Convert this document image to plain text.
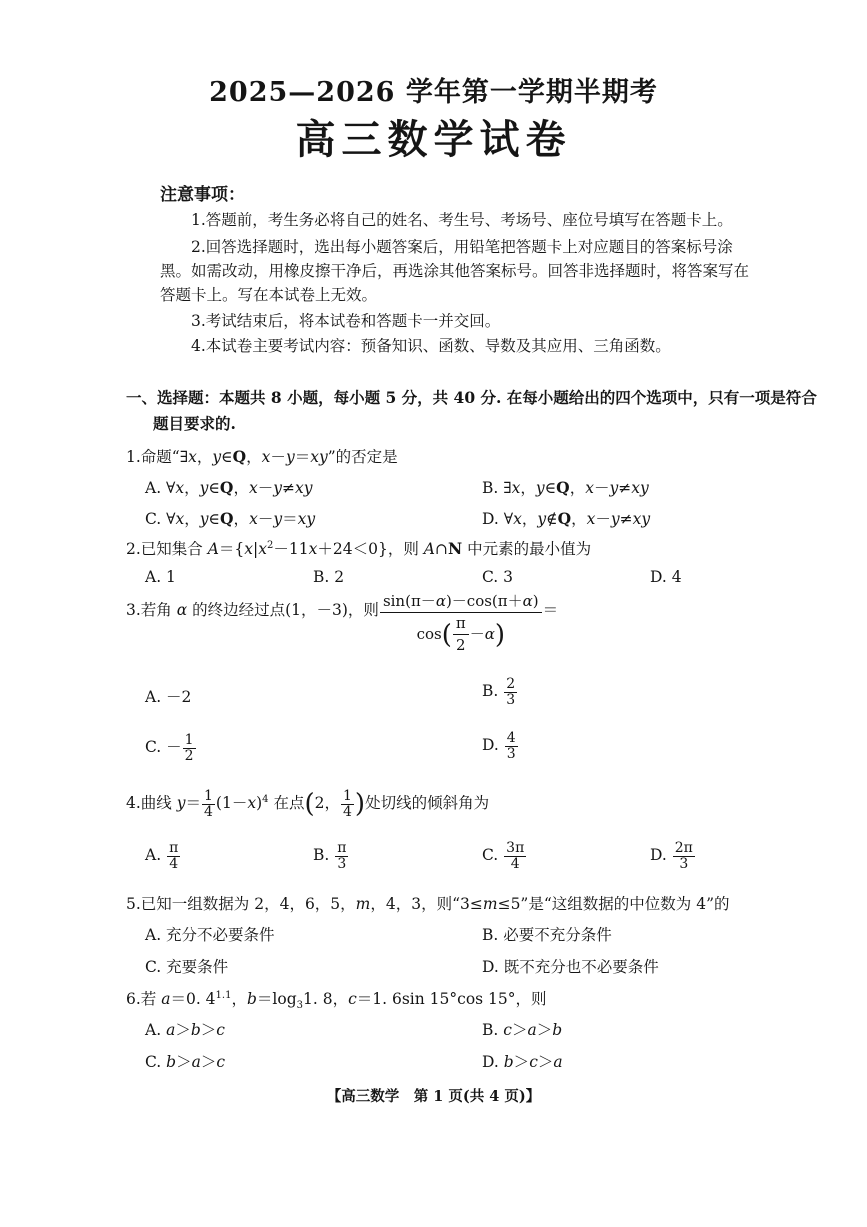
2025—2026 学年第一学期半期考
高三数学试卷
注意事项：
1.答题前，考生务必将自己的姓名、考生号、考场号、座位号填写在答题卡上。
2.回答选择题时，选出每小题答案后，用铅笔把答题卡上对应题目的答案标号涂
黑。如需改动，用橡皮擦干净后，再选涂其他答案标号。回答非选择题时，将答案写在
答题卡上。写在本试卷上无效。
3.考试结束后，将本试卷和答题卡一并交回。
4.本试卷主要考试内容：预备知识、函数、导数及其应用、三角函数。
一、选择题：本题共 8 小题，每小题 5 分，共 40 分. 在每小题给出的四个选项中，只有一项是符合
题目要求的.
1.命题“∃x，y∈Q，x－y＝xy”的否定是
A. ∀x，y∈Q，x－y≠xy	B. ∃x，y∈Q，x－y≠xy
C. ∀x，y∈Q，x－y＝xy	D. ∀x，y∉Q，x－y≠xy
2.已知集合 $A=\{x|x^2-11x+24<0\}$，则 A∩N 中元素的最小值为
A. 1	B. 2	C. 3	D. 4
3.若角 α 的终边经过点(1，－3)，则 $\frac{\sin(\pi-\alpha)-\cos(\pi+\alpha)}{\cos( \frac{\pi}{2} -\alpha)}$ ＝
A. －2	B. $\frac{2}{3}$
C. － $\frac{1}{2}$	D. $\frac{4}{3}$
4.曲线 $y= \frac{1}{4} (1-x)^4$ 在点(2， $\frac{1}{4}$ )处切线的倾斜角为
A. $\frac{\pi}{4}$	B. $\frac{\pi}{3}$	C. $\frac{3\pi}{4}$	D. $\frac{2\pi}{3}$
5.已知一组数据为 2，4，6，5，m，4，3，则“3≤m≤5”是“这组数据的中位数为 4”的
A. 充分不必要条件	B. 必要不充分条件
C. 充要条件	D. 既不充分也不必要条件
6.若 a＝0. $4^{1.1}$，$b=\log_31$. 8，c＝1. 6sin 15°cos 15°，则
A. a＞b＞c	B. c＞a＞b
C. b＞a＞c	D. b＞c＞a
【高三数学　第 1 页(共 4 页)】
